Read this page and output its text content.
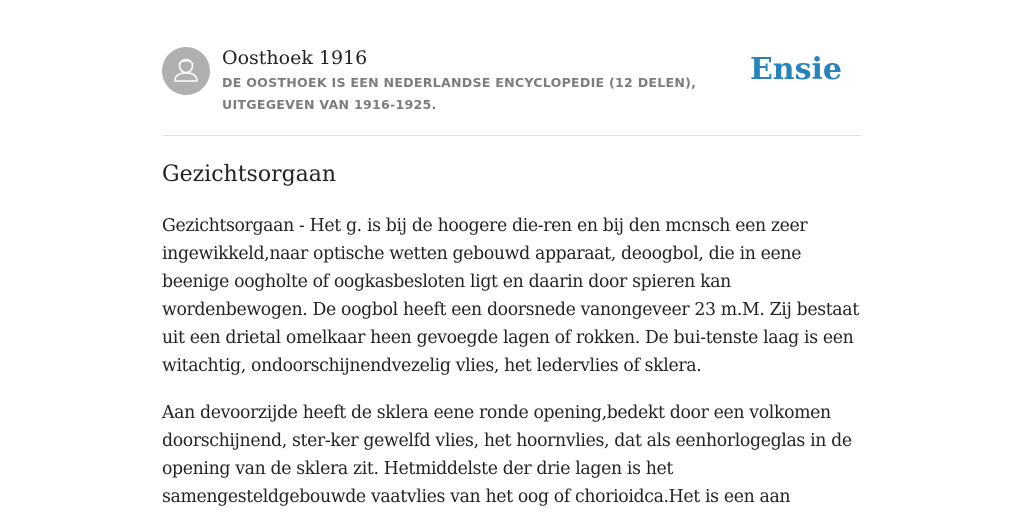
Oosthoek 1916
DE OOSTHOEK IS EEN NEDERLANDSE ENCYCLOPEDIE (12 DELEN), UITGEGEVEN VAN 1916-1925.
Ensie
Gezichtsorgaan

Gezichtsorgaan - Het g. is bij de hoogere die-ren en bij den mcnsch een zeer ingewikkeld,naar optische wetten gebouwd apparaat, deoogbol, die in eene beenige oogholte of oogkasbesloten ligt en daarin door spieren kan wordenbewogen. De oogbol heeft een doorsnede vanongeveer 23 m.M. Zij bestaat uit een drietal omelkaar heen gevoegde lagen of rokken. De bui-tenste laag is een witachtig, ondoorschijnendvezelig vlies, het ledervlies of sklera.

Aan devoorzijde heeft de sklera eene ronde opening,bedekt door een volkomen doorschijnend, ster-ker gewelfd vlies, het hoornvlies, dat als eenhorlogeglas in de opening van de sklera zit. Hetmiddelste der drie lagen is het samengesteldgebouwde vaatvlies van het oog of chorioidca.Het is een aan
